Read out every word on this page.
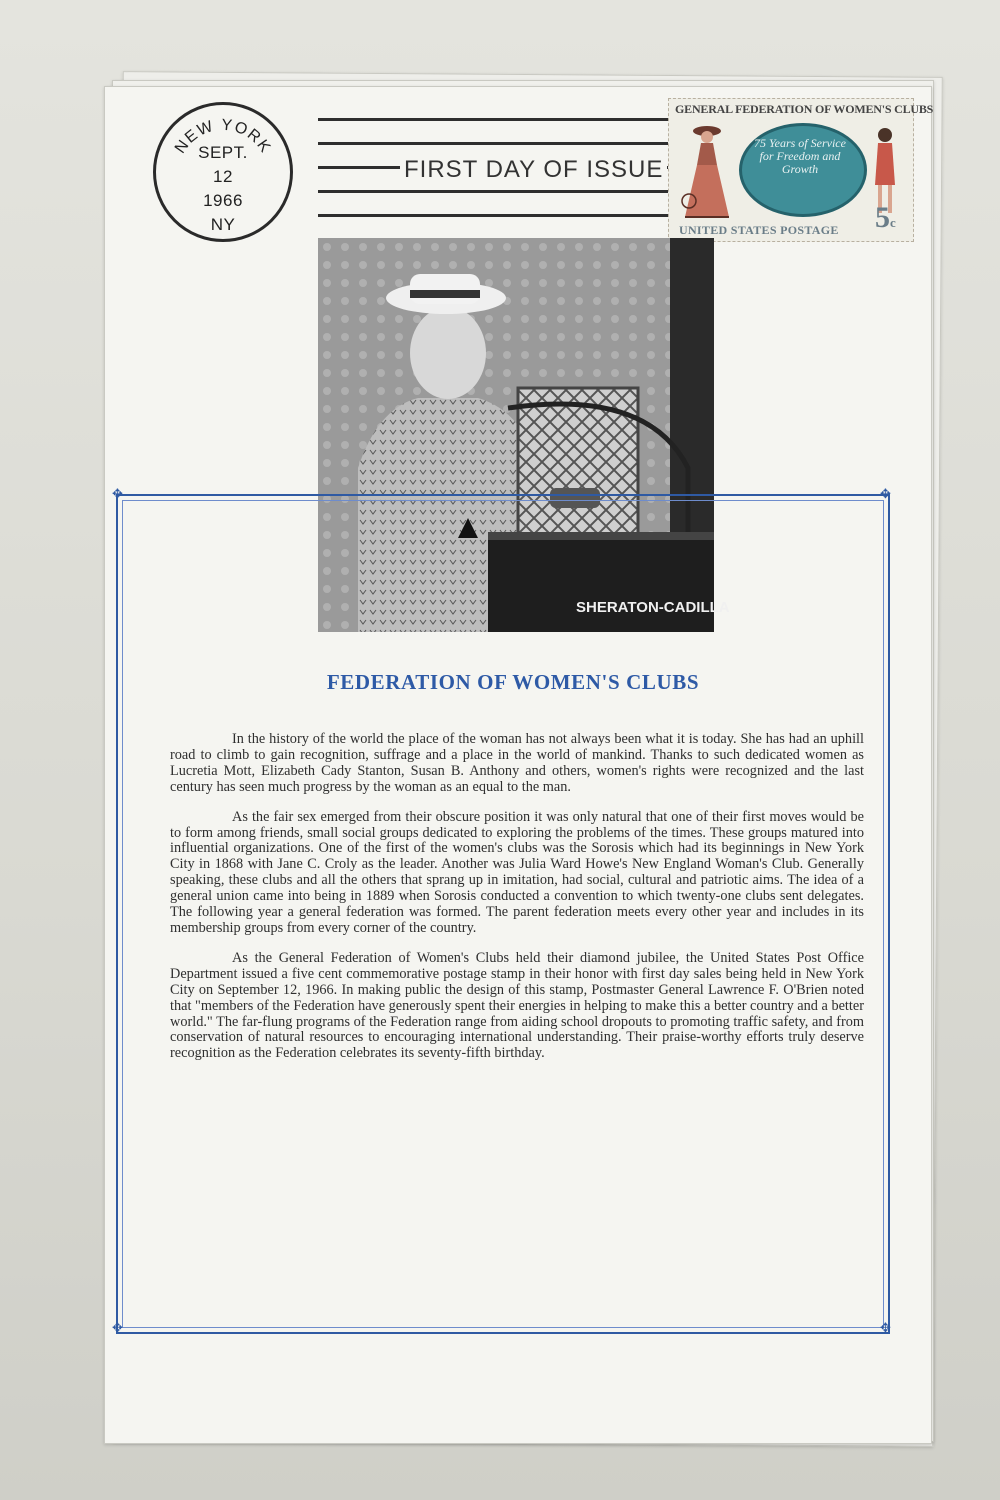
FIRST DAY OF ISSUE
NEW YORK
SEPT.
12
1966
NY
GENERAL FEDERATION OF WOMEN'S CLUBS
75 Years of Service for Freedom and Growth
UNITED STATES POSTAGE 5c
SHERATON-CADILLA
✥	✥
✥	✥
FEDERATION OF WOMEN'S CLUBS

In the history of the world the place of the woman has not always been what it is today. She has had an uphill road to climb to gain recognition, suffrage and a place in the world of mankind. Thanks to such dedicated women as Lucretia Mott, Elizabeth Cady Stanton, Susan B. Anthony and others, women's rights were recognized and the last century has seen much progress by the woman as an equal to the man.

As the fair sex emerged from their obscure position it was only natural that one of their first moves would be to form among friends, small social groups dedicated to exploring the problems of the times. These groups matured into influential organizations. One of the first of the women's clubs was the Sorosis which had its beginnings in New York City in 1868 with Jane C. Croly as the leader. Another was Julia Ward Howe's New England Woman's Club. Generally speaking, these clubs and all the others that sprang up in imitation, had social, cultural and patriotic aims. The idea of a general union came into being in 1889 when Sorosis conducted a convention to which twenty-one clubs sent delegates. The following year a general federation was formed. The parent federation meets every other year and includes in its membership groups from every corner of the country.

As the General Federation of Women's Clubs held their diamond jubilee, the United States Post Office Department issued a five cent commemorative postage stamp in their honor with first day sales being held in New York City on September 12, 1966. In making public the design of this stamp, Postmaster General Lawrence F. O'Brien noted that "members of the Federation have generously spent their energies in helping to make this a better country and a better world." The far-flung programs of the Federation range from aiding school dropouts to promoting traffic safety, and from conservation of natural resources to encouraging international understanding. Their praise-worthy efforts truly deserve recognition as the Federation celebrates its seventy-fifth birthday.
